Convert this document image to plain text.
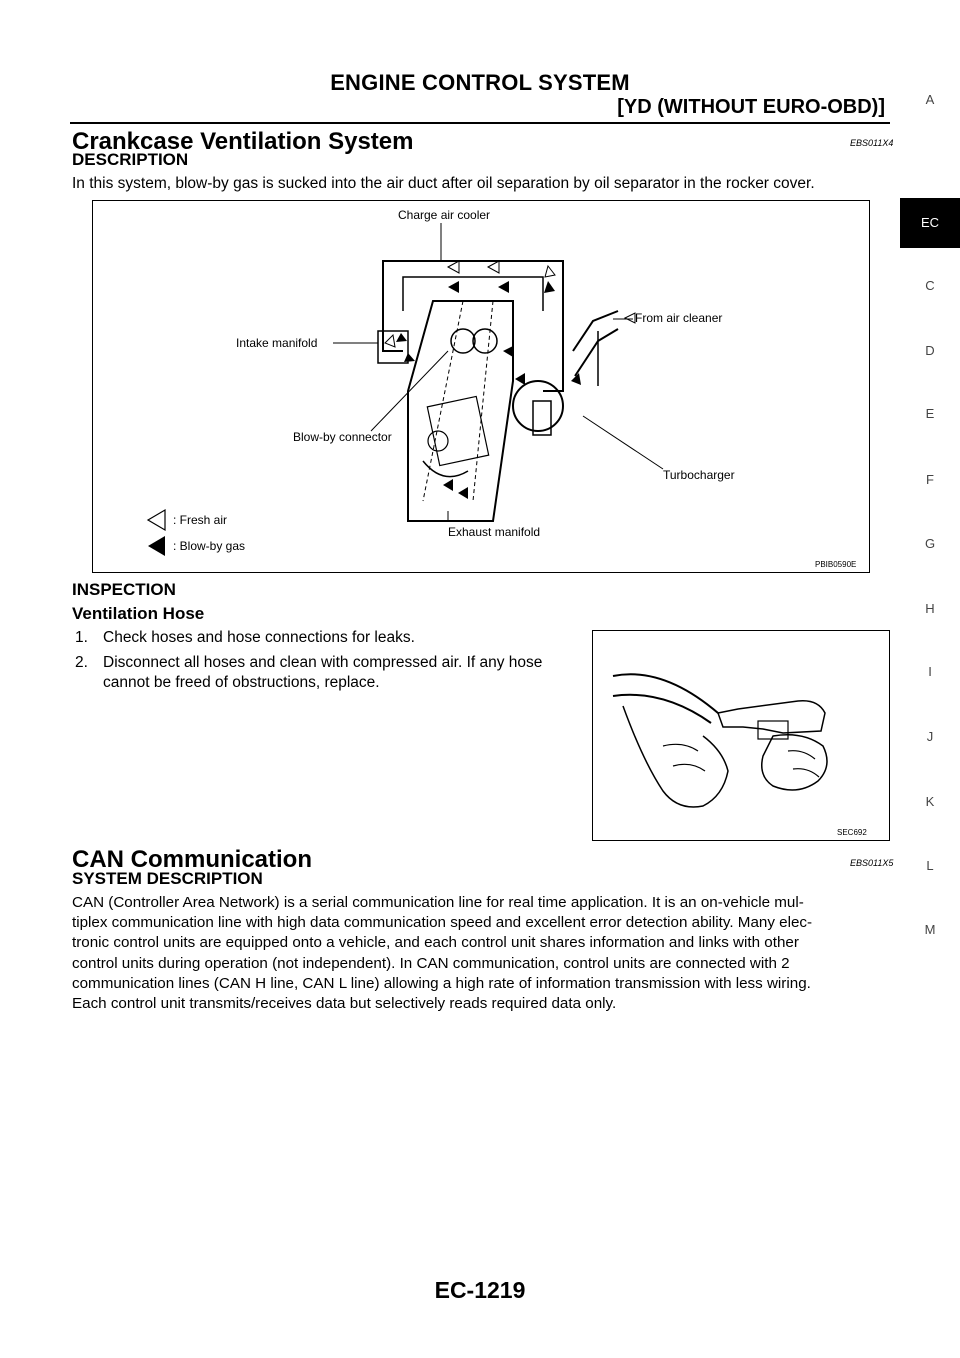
ENGINE CONTROL SYSTEM
[YD (WITHOUT EURO-OBD)]	A
EC
C
D
E
F
G
H
I
J
K
L
M
Crankcase Ventilation System	EBS011X4
DESCRIPTION
In this system, blow-by gas is sucked into the air duct after oil separation by oil separator in the rocker cover.
Charge air cooler
From air cleaner
Intake manifold
Blow-by connector
Turbocharger
Exhaust manifold
: Fresh air
: Blow-by gas
PBIB0590E
INSPECTION
Ventilation Hose
1. Check hoses and hose connections for leaks.
2. Disconnect all hoses and clean with compressed air. If any hose
cannot be freed of obstructions, replace.
SEC692
CAN Communication	EBS011X5
SYSTEM DESCRIPTION
CAN (Controller Area Network) is a serial communication line for real time application. It is an on-vehicle mul-
tiplex communication line with high data communication speed and excellent error detection ability. Many elec-
tronic control units are equipped onto a vehicle, and each control unit shares information and links with other
control units during operation (not independent). In CAN communication, control units are connected with 2
communication lines (CAN H line, CAN L line) allowing a high rate of information transmission with less wiring.
Each control unit transmits/receives data but selectively reads required data only.
EC-1219
